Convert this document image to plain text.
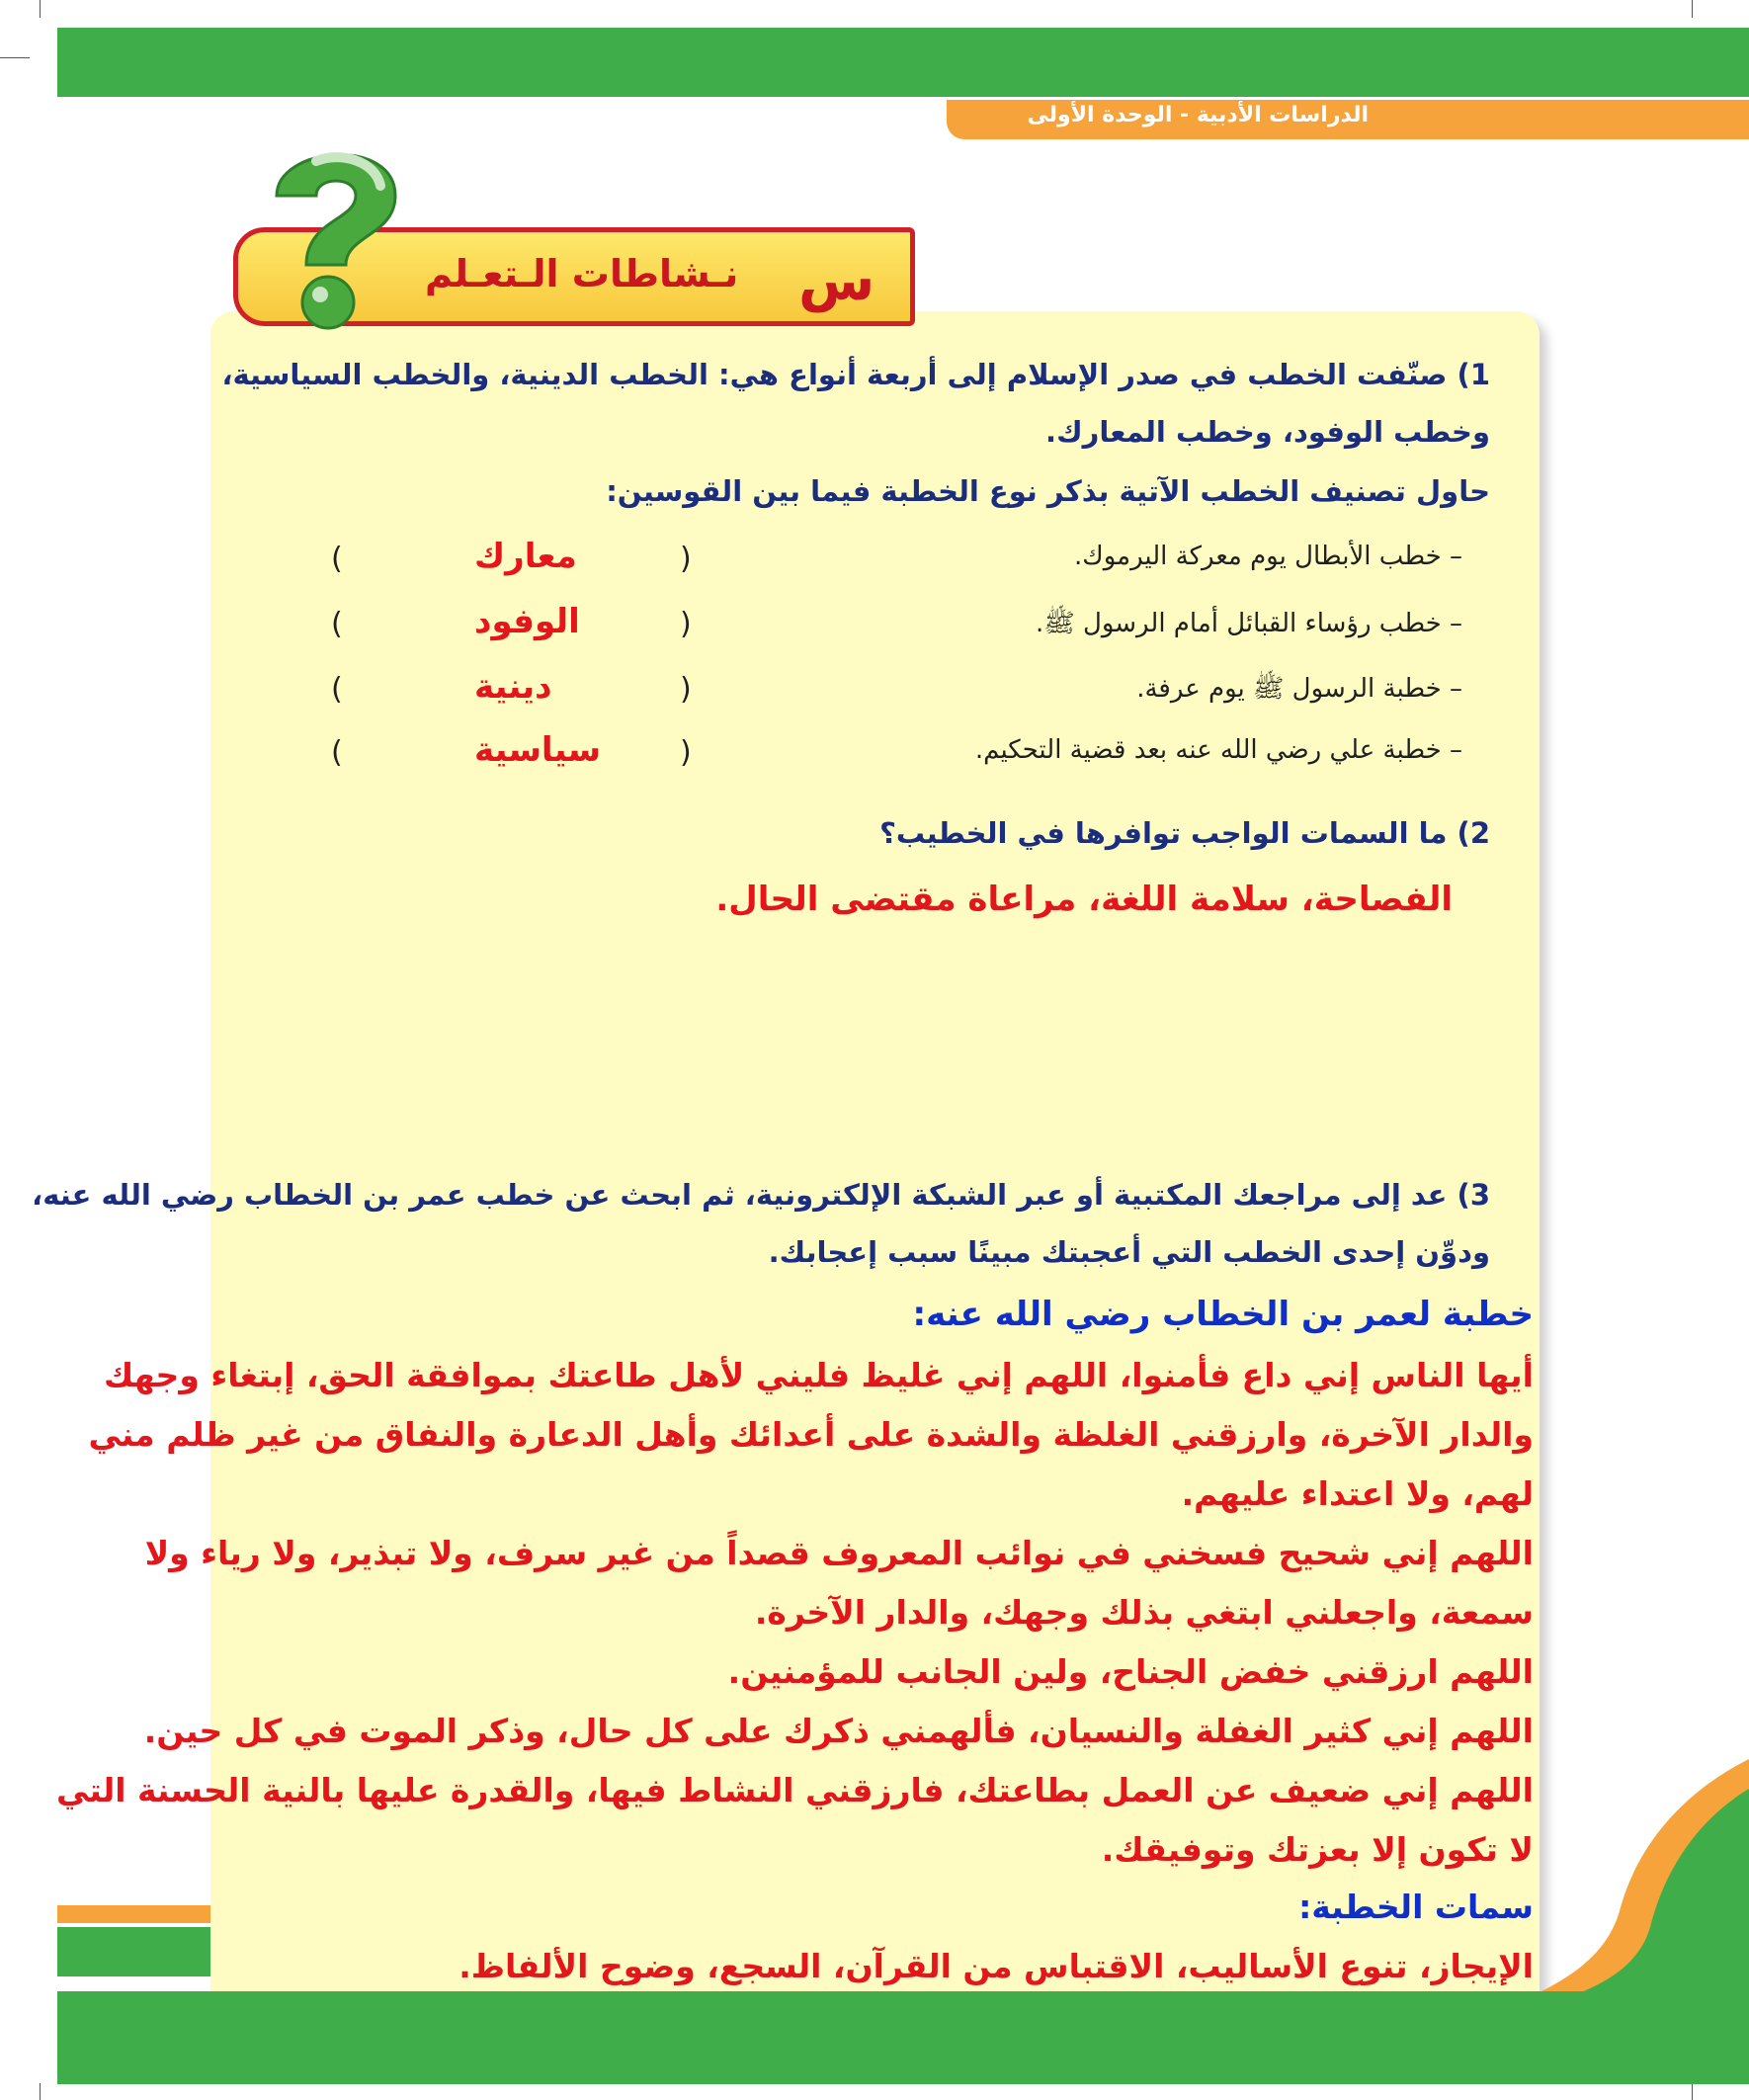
الدراسات الأدبية - الوحدة الأولى
نـشاطات الـتعـلم س
1) صنّفت الخطب في صدر الإسلام إلى أربعة أنواع هي: الخطب الدينية، والخطب السياسية،
وخطب الوفود، وخطب المعارك.
حاول تصنيف الخطب الآتية بذكر نوع الخطبة فيما بين القوسين:
– خطب الأبطال يوم معركة اليرموك.
(
معارك
)
– خطب رؤساء القبائل أمام الرسول ﷺ.
(
الوفود
)
– خطبة الرسول ﷺ يوم عرفة.
(
دينية
)
– خطبة علي رضي الله عنه بعد قضية التحكيم.
(
سياسية
)
2) ما السمات الواجب توافرها في الخطيب؟
الفصاحة، سلامة اللغة، مراعاة مقتضى الحال.
3) عد إلى مراجعك المكتبية أو عبر الشبكة الإلكترونية، ثم ابحث عن خطب عمر بن الخطاب رضي الله عنه،
ودوِّن إحدى الخطب التي أعجبتك مبينًا سبب إعجابك.
خطبة لعمر بن الخطاب رضي الله عنه:
أيها الناس إني داع فأمنوا، اللهم إني غليظ فليني لأهل طاعتك بموافقة الحق، إبتغاء وجهك
والدار الآخرة، وارزقني الغلظة والشدة على أعدائك وأهل الدعارة والنفاق من غير ظلم مني
لهم، ولا اعتداء عليهم.
اللهم إني شحيح فسخني في نوائب المعروف قصداً من غير سرف، ولا تبذير، ولا رياء ولا
سمعة، واجعلني ابتغي بذلك وجهك، والدار الآخرة.
اللهم ارزقني خفض الجناح، ولين الجانب للمؤمنين.
اللهم إني كثير الغفلة والنسيان، فألهمني ذكرك على كل حال، وذكر الموت في كل حين.
اللهم إني ضعيف عن العمل بطاعتك، فارزقني النشاط فيها، والقدرة عليها بالنية الحسنة التي
لا تكون إلا بعزتك وتوفيقك.
سمات الخطبة:
الإيجاز، تنوع الأساليب، الاقتباس من القرآن، السجع، وضوح الألفاظ.
